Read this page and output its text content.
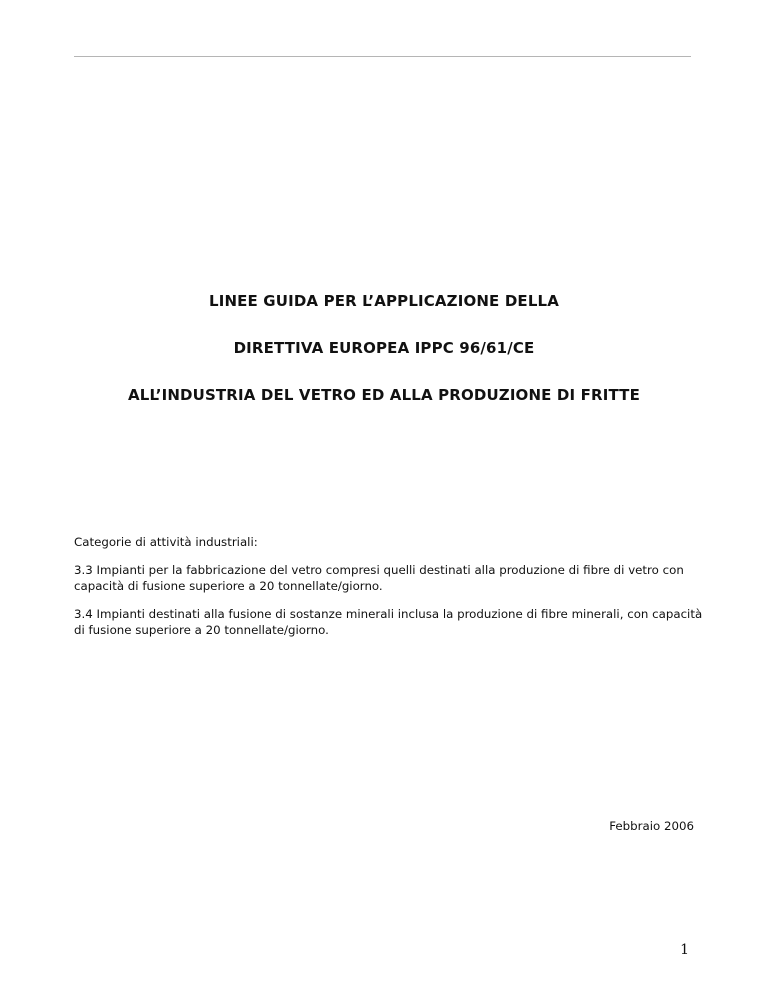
LINEE GUIDA PER L’APPLICAZIONE DELLA
DIRETTIVA EUROPEA IPPC 96/61/CE
ALL’INDUSTRIA DEL VETRO ED ALLA PRODUZIONE DI FRITTE
Categorie di attività industriali:
3.3 Impianti per la fabbricazione del vetro compresi quelli destinati alla produzione di fibre di vetro con capacità di fusione superiore a 20 tonnellate/giorno.
3.4 Impianti destinati alla fusione di sostanze minerali inclusa la produzione di fibre minerali, con capacità di fusione superiore a 20 tonnellate/giorno.
Febbraio 2006
1
